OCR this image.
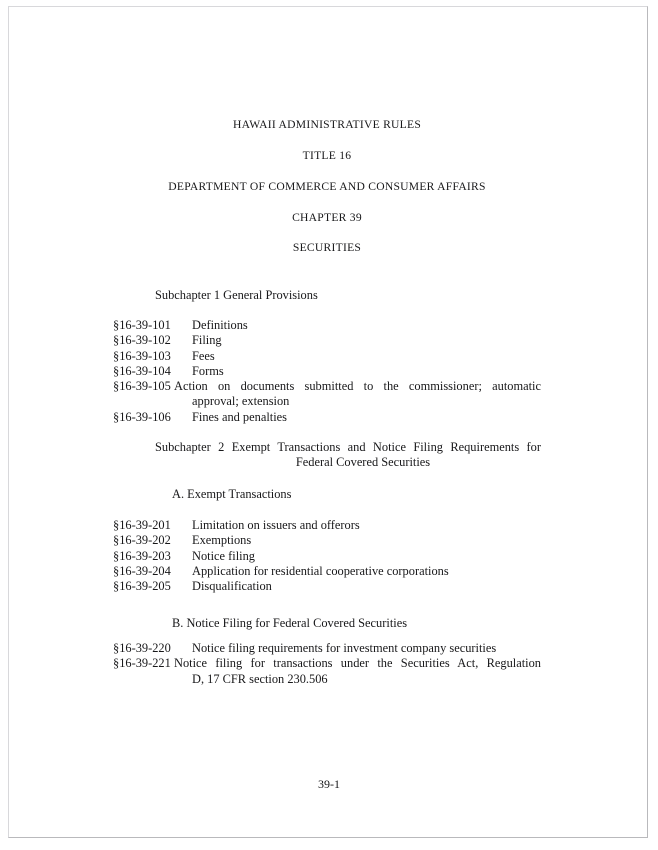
HAWAII ADMINISTRATIVE RULES
TITLE 16
DEPARTMENT OF COMMERCE AND CONSUMER AFFAIRS
CHAPTER 39
SECURITIES
Subchapter 1 General Provisions
§16-39-101 Definitions
§16-39-102 Filing
§16-39-103 Fees
§16-39-104 Forms
§16-39-105 Action on documents submitted to the commissioner; automatic
approval; extension
§16-39-106 Fines and penalties
Subchapter 2 Exempt Transactions and Notice Filing Requirements for
Federal Covered Securities
A. Exempt Transactions
§16-39-201 Limitation on issuers and offerors
§16-39-202 Exemptions
§16-39-203 Notice filing
§16-39-204 Application for residential cooperative corporations
§16-39-205 Disqualification
B. Notice Filing for Federal Covered Securities
§16-39-220 Notice filing requirements for investment company securities
§16-39-221 Notice filing for transactions under the Securities Act, Regulation
D, 17 CFR section 230.506
39-1
